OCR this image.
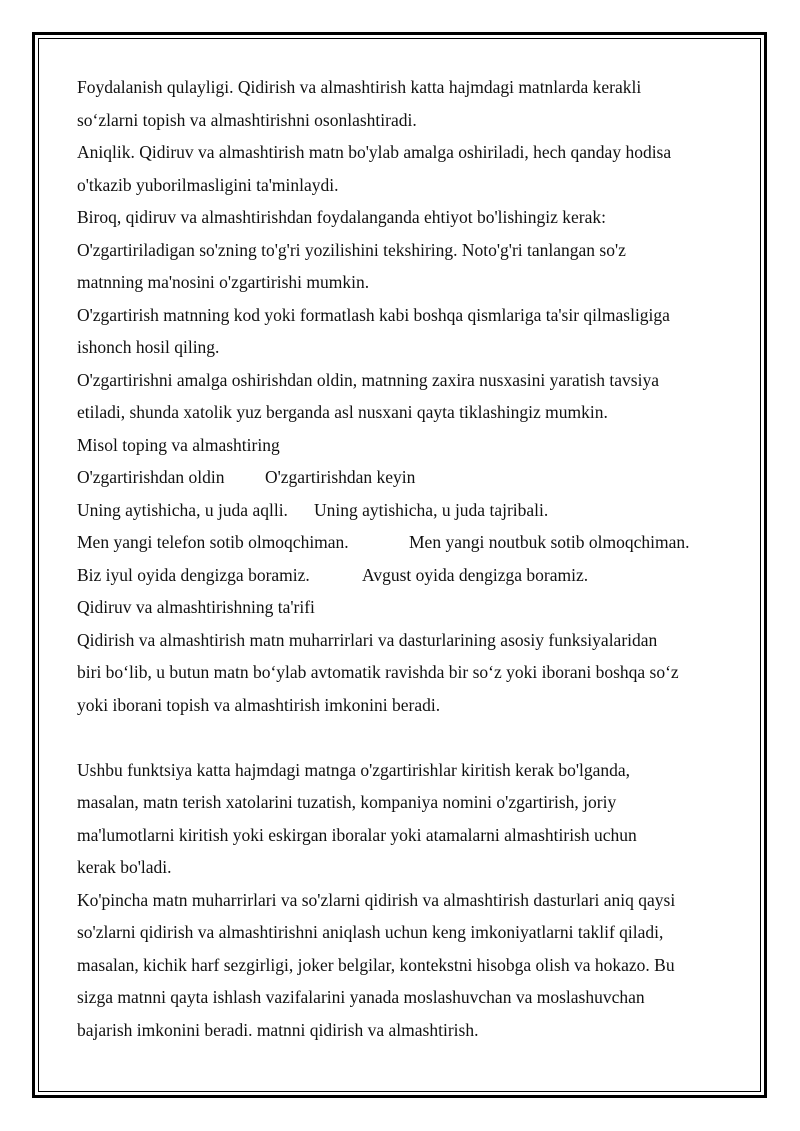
Foydalanish qulayligi. Qidirish va almashtirish katta hajmdagi matnlarda kerakli
so‘zlarni topish va almashtirishni osonlashtiradi.
Aniqlik. Qidiruv va almashtirish matn bo'ylab amalga oshiriladi, hech qanday hodisa
o'tkazib yuborilmasligini ta'minlaydi.
Biroq, qidiruv va almashtirishdan foydalanganda ehtiyot bo'lishingiz kerak:
O'zgartiriladigan so'zning to'g'ri yozilishini tekshiring. Noto'g'ri tanlangan so'z
matnning ma'nosini o'zgartirishi mumkin.
O'zgartirish matnning kod yoki formatlash kabi boshqa qismlariga ta'sir qilmasligiga
ishonch hosil qiling.
O'zgartirishni amalga oshirishdan oldin, matnning zaxira nusxasini yaratish tavsiya
etiladi, shunda xatolik yuz berganda asl nusxani qayta tiklashingiz mumkin.
Misol toping va almashtiring
O'zgartirishdan oldin O'zgartirishdan keyin
Uning aytishicha, u juda aqlli. Uning aytishicha, u juda tajribali.
Men yangi telefon sotib olmoqchiman.	Men yangi noutbuk sotib olmoqchiman.
Biz iyul oyida dengizga boramiz.	Avgust oyida dengizga boramiz.
Qidiruv va almashtirishning ta'rifi
Qidirish va almashtirish matn muharrirlari va dasturlarining asosiy funksiyalaridan
biri bo‘lib, u butun matn bo‘ylab avtomatik ravishda bir so‘z yoki iborani boshqa so‘z
yoki iborani topish va almashtirish imkonini beradi.
Ushbu funktsiya katta hajmdagi matnga o'zgartirishlar kiritish kerak bo'lganda,
masalan, matn terish xatolarini tuzatish, kompaniya nomini o'zgartirish, joriy
ma'lumotlarni kiritish yoki eskirgan iboralar yoki atamalarni almashtirish uchun
kerak bo'ladi.
Ko'pincha matn muharrirlari va so'zlarni qidirish va almashtirish dasturlari aniq qaysi
so'zlarni qidirish va almashtirishni aniqlash uchun keng imkoniyatlarni taklif qiladi,
masalan, kichik harf sezgirligi, joker belgilar, kontekstni hisobga olish va hokazo. Bu
sizga matnni qayta ishlash vazifalarini yanada moslashuvchan va moslashuvchan
bajarish imkonini beradi. matnni qidirish va almashtirish.
